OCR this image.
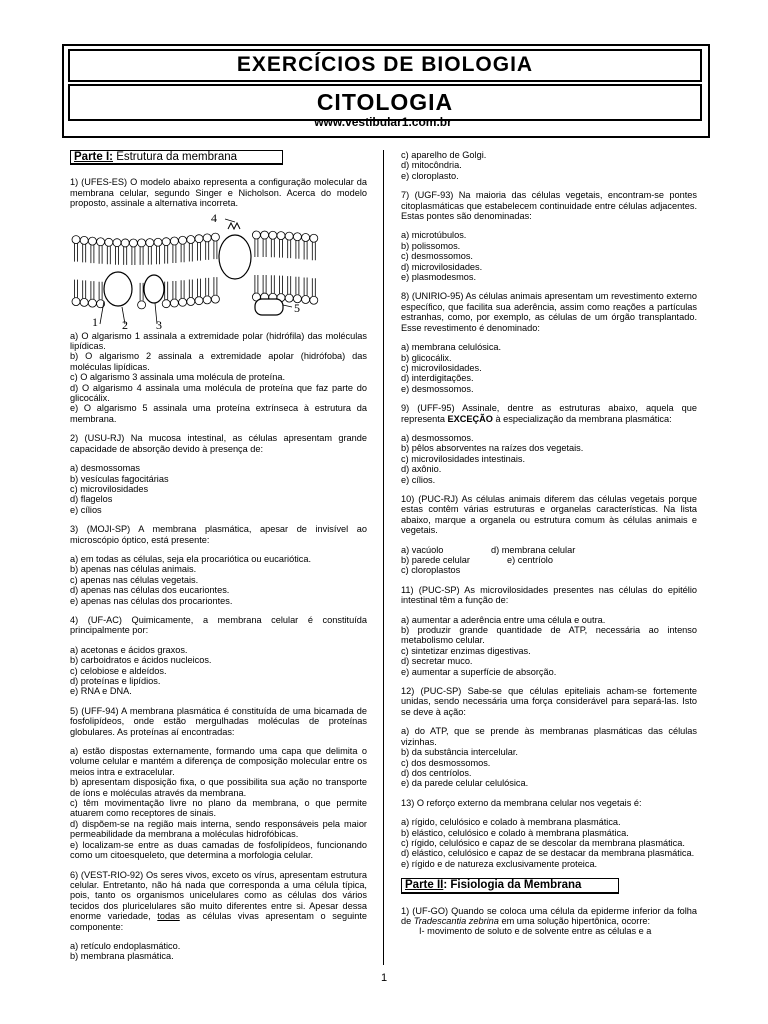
EXERCÍCIOS DE BIOLOGIA
CITOLOGIA
www.vestibular1.com.br
Parte I: Estrutura da membrana

1) (UFES-ES) O modelo abaixo representa a configuração molecular da membrana celular, segundo Singer e Nicholson. Acerca do modelo proposto, assinale a alternativa incorreta.

4
1 2 3
5
a) O algarismo 1 assinala a extremidade polar (hidrófila) das moléculas lipídicas.
b) O algarismo 2 assinala a extremidade apolar (hidrófoba) das moléculas lipídicas.
c) O algarismo 3 assinala uma molécula de proteína.
d) O algarismo 4 assinala uma molécula de proteína que faz parte do glicocálix.
e) O algarismo 5 assinala uma proteína extrínseca à estrutura da membrana.

2) (USU-RJ) Na mucosa intestinal, as células apresentam grande capacidade de absorção devido à presença de:

a) desmossomas
b) vesículas fagocitárias
c) microvilosidades
d) flagelos
e) cílios

3) (MOJI-SP) A membrana plasmática, apesar de invisível ao microscópio óptico, está presente:

a) em todas as células, seja ela procariótica ou eucariótica.
b) apenas nas células animais.
c) apenas nas células vegetais.
d) apenas nas células dos eucariontes.
e) apenas nas células dos procariontes.

4) (UF-AC) Quimicamente, a membrana celular é constituída principalmente por:

a) acetonas e ácidos graxos.
b) carboidratos e ácidos nucleicos.
c) celobiose e aldeídos.
d) proteínas e lipídios.
e) RNA e DNA.

5) (UFF-94) A membrana plasmática é constituída de uma bicamada de fosfolipídeos, onde estão mergulhadas moléculas de proteínas globulares. As proteínas aí encontradas:

a) estão dispostas externamente, formando uma capa que delimita o volume celular e mantém a diferença de composição molecular entre os meios intra e extracelular.
b) apresentam disposição fixa, o que possibilita sua ação no transporte de íons e moléculas através da membrana.
c) têm movimentação livre no plano da membrana, o que permite atuarem como receptores de sinais.
d) dispõem-se na região mais interna, sendo responsáveis pela maior permeabilidade da membrana a moléculas hidrofóbicas.
e) localizam-se entre as duas camadas de fosfolipídeos, funcionando como um citoesqueleto, que determina a morfologia celular.

6) (VEST-RIO-92) Os seres vivos, exceto os vírus, apresentam estrutura celular. Entretanto, não há nada que corresponda a uma célula típica, pois, tanto os organismos unicelulares como as células dos vários tecidos dos pluricelulares são muito diferentes entre si. Apesar dessa enorme variedade, todas as células vivas apresentam o seguinte componente:

a) retículo endoplasmático.
b) membrana plasmática.
c) aparelho de Golgi.
d) mitocôndria.
e) cloroplasto.

7) (UGF-93) Na maioria das células vegetais, encontram-se pontes citoplasmáticas que estabelecem continuidade entre células adjacentes. Estas pontes são denominadas:

a) microtúbulos.
b) polissomos.
c) desmossomos.
d) microvilosidades.
e) plasmodesmos.

8) (UNIRIO-95) As células animais apresentam um revestimento externo específico, que facilita sua aderência, assim como reações a partículas estranhas, como, por exemplo, as células de um órgão transplantado. Esse revestimento é denominado:

a) membrana celulósica.
b) glicocálix.
c) microvilosidades.
d) interdigitações.
e) desmossomos.

9) (UFF-95) Assinale, dentre as estruturas abaixo, aquela que representa EXCEÇÃO à especialização da membrana plasmática:

a) desmossomos.
b) pêlos absorventes na raízes dos vegetais.
c) microvilosidades intestinais.
d) axônio.
e) cílios.

10) (PUC-RJ) As células animais diferem das células vegetais porque estas contêm várias estruturas e organelas características. Na lista abaixo, marque a organela ou estrutura comum às células animais e vegetais.

a) vacúolo
b) parede celular
c) cloroplastos
d) membrana celular
e) centríolo

11) (PUC-SP) As microvilosidades presentes nas células do epitélio intestinal têm a função de:

a) aumentar a aderência entre uma célula e outra.
b) produzir grande quantidade de ATP, necessária ao intenso metabolismo celular.
c) sintetizar enzimas digestivas.
d) secretar muco.
e) aumentar a superfície de absorção.

12) (PUC-SP) Sabe-se que células epiteliais acham-se fortemente unidas, sendo necessária uma força considerável para separá-las. Isto se deve à ação:

a) do ATP, que se prende às membranas plasmáticas das células vizinhas.
b) da substância intercelular.
c) dos desmossomos.
d) dos centríolos.
e) da parede celular celulósica.

13) O reforço externo da membrana celular nos vegetais é:

a) rígido, celulósico e colado à membrana plasmática.
b) elástico, celulósico e colado à membrana plasmática.
c) rígido, celulósico e capaz de se descolar da membrana plasmática.
d) elástico, celulósico e capaz de se destacar da membrana plasmática.
e) rígido e de natureza exclusivamente proteica.
Parte II: Fisiologia da Membrana

1) (UF-GO) Quando se coloca uma célula da epiderme inferior da folha de Tradescantia zebrina em uma solução hipertônica, ocorre:

I- movimento de soluto e de solvente entre as células e a
1
